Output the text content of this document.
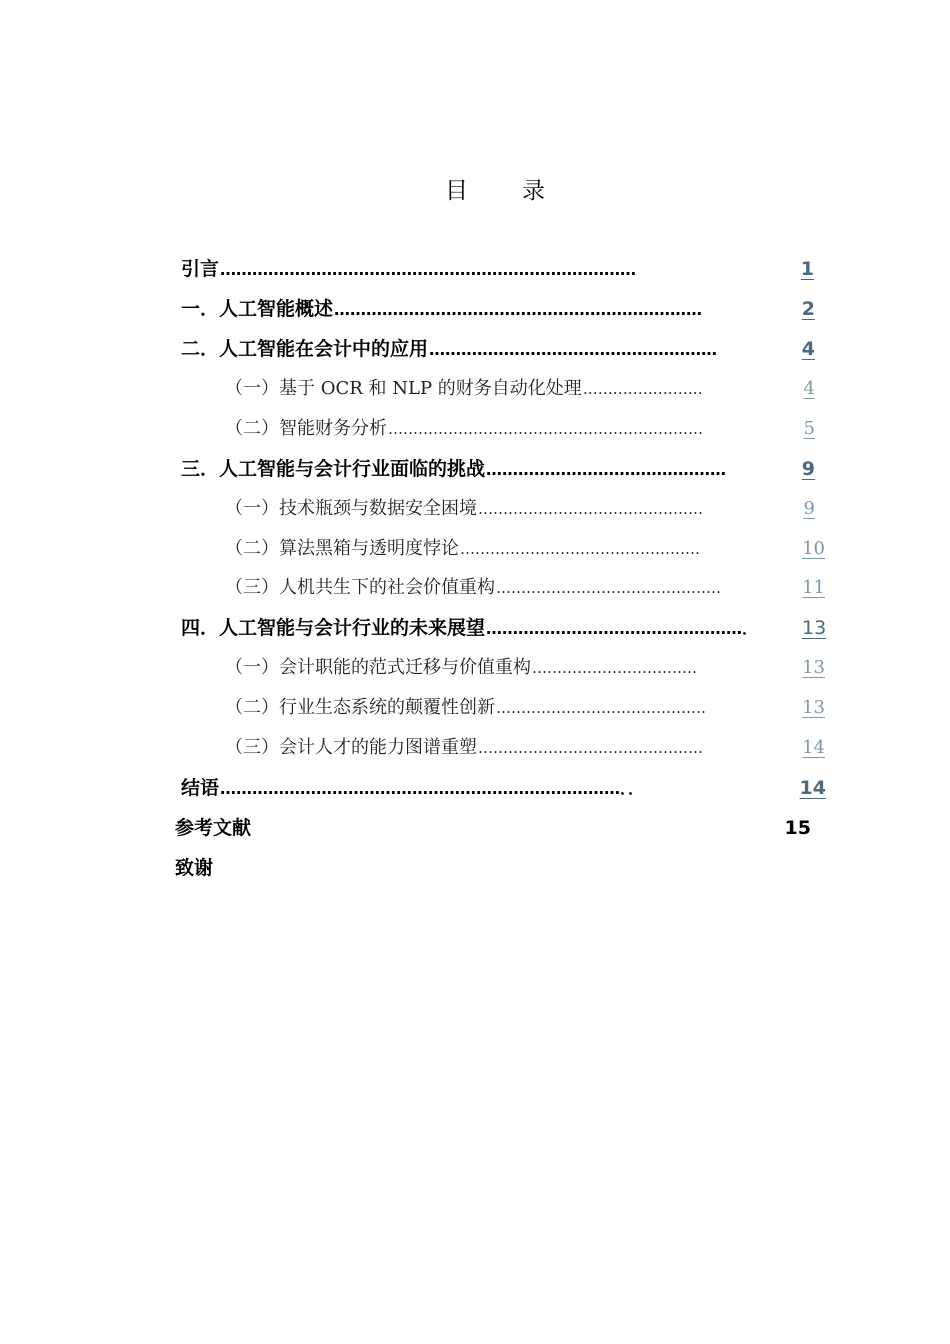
目 录
引言 ……………………………………………………………………	1
一．人工智能概述 ……………………………………………………………	2
二．人工智能在会计中的应用 ………………………………………………	4
（一）基于 OCR 和 NLP 的财务自动化处理 ……………………	4
（二）智能财务分析 ………………………………………………………	5
三．人工智能与会计行业面临的挑战 ………………………………………	9
（一）技术瓶颈与数据安全困境 ………………………………………	9
（二）算法黑箱与透明度悖论 …………………………………………	10
（三）人机共生下的社会价值重构 ………………………………………	11
四．人工智能与会计行业的未来展望 …………………………………………．	13
（一）会计职能的范式迁移与价值重构 ……………………………	13
（二）行业生态系统的颠覆性创新 ……………………………………	13
（三）会计人才的能力图谱重塑 ………………………………………	14
结语 …………………………………………………………………．．	14
参考文献	15
致谢
